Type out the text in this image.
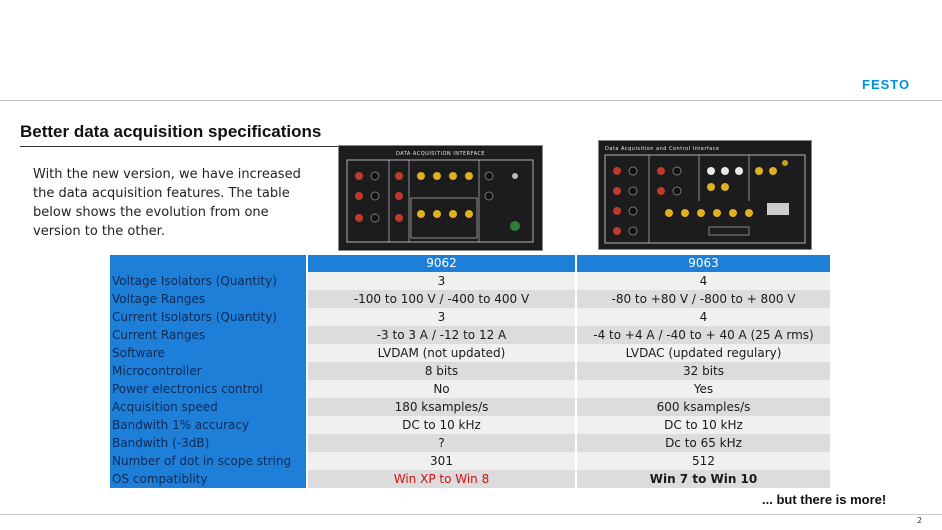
FESTO
Better data acquisition specifications
With the new version, we have increased the data acquisition features. The table below shows the evolution from one version to the other.
DATA ACQUISITION INTERFACE
Data Acquisition and Control Interface
		9062		9063
Voltage Isolators (Quantity)		3		4
Voltage Ranges		-100 to 100 V / -400 to 400 V		-80 to +80 V / -800 to + 800 V
Current Isolators (Quantity)		3		4
Current Ranges		-3 to 3 A / -12 to 12 A		-4 to +4 A / -40 to + 40 A (25 A rms)
Software		LVDAM (not updated)		LVDAC (updated regulary)
Microcontroller		8 bits		32 bits
Power electronics control		No		Yes
Acquisition speed		180 ksamples/s		600 ksamples/s
Bandwith 1% accuracy		DC to 10 kHz		DC to 10 kHz
Bandwith (-3dB)		?		Dc to 65 kHz
Number of dot in scope string		301		512
OS compatiblity		Win XP to Win 8		Win 7 to Win 10
... but there is more!
2
